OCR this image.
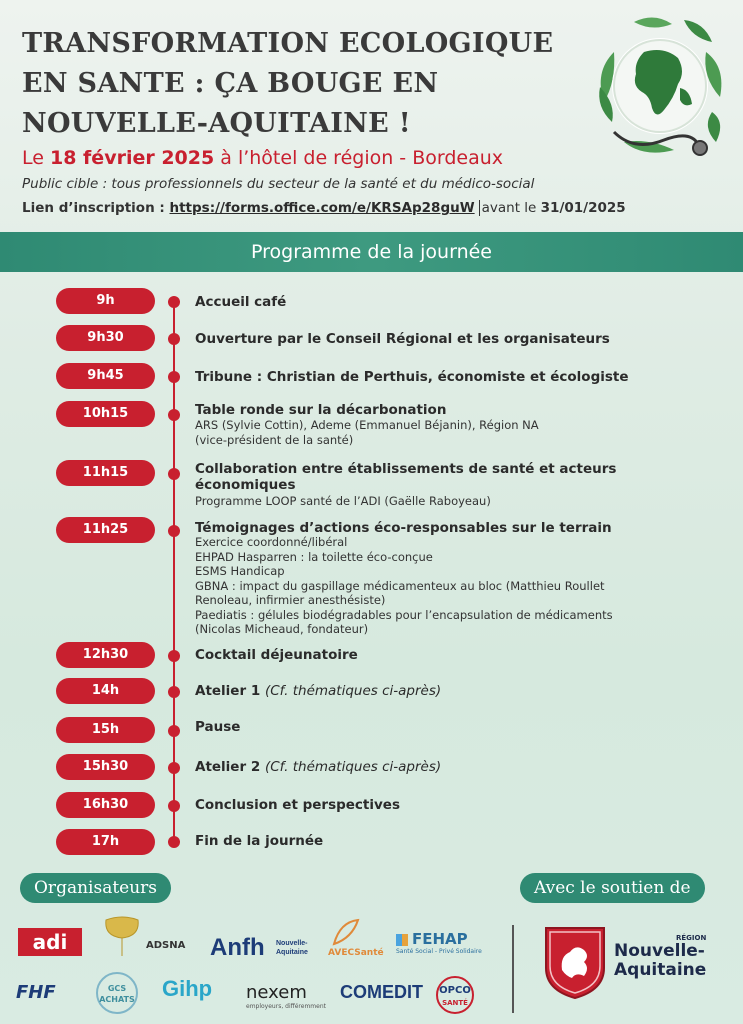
TRANSFORMATION ECOLOGIQUE
EN SANTE : ÇA BOUGE EN
NOUVELLE-AQUITAINE !
Le 18 février 2025 à l’hôtel de région - Bordeaux
Public cible : tous professionnels du secteur de la santé et du médico-social
Lien d’inscription : https://forms.office.com/e/KRSAp28guW avant le 31/01/2025
Programme de la journée
9h	Accueil café
9h30	Ouverture par le Conseil Régional et les organisateurs
9h45	Tribune : Christian de Perthuis, économiste et écologiste
10h15	Table ronde sur la décarbonation
ARS (Sylvie Cottin), Ademe (Emmanuel Béjanin), Région NA
(vice-président de la santé)
11h15	Collaboration entre établissements de santé et acteurs
économiques
Programme LOOP santé de l’ADI (Gaëlle Raboyeau)
11h25	Témoignages d’actions éco-responsables sur le terrain
Exercice coordonné/libéral
EHPAD Hasparren : la toilette éco-conçue
ESMS Handicap
GBNA : impact du gaspillage médicamenteux au bloc (Matthieu Roullet
Renoleau, infirmier anesthésiste)
Paediatis : gélules biodégradables pour l’encapsulation de médicaments
(Nicolas Micheaud, fondateur)
12h30	Cocktail déjeunatoire
14h	Atelier 1 (Cf. thématiques ci-après)
15h	Pause
15h30	Atelier 2 (Cf. thématiques ci-après)
16h30	Conclusion et perspectives
17h	Fin de la journée
Organisateurs	Avec le soutien de
adi	ADSNA Anfh Nouvelle-Aquitaine	AVECSanté
FEHAP
Santé Social - Privé Solidaire
FHF	GCS ACHATS Gihp nexem
employeurs, différemment
COMEDIT	OPCO
SANTÉ
RÉGION
Nouvelle-
Aquitaine
